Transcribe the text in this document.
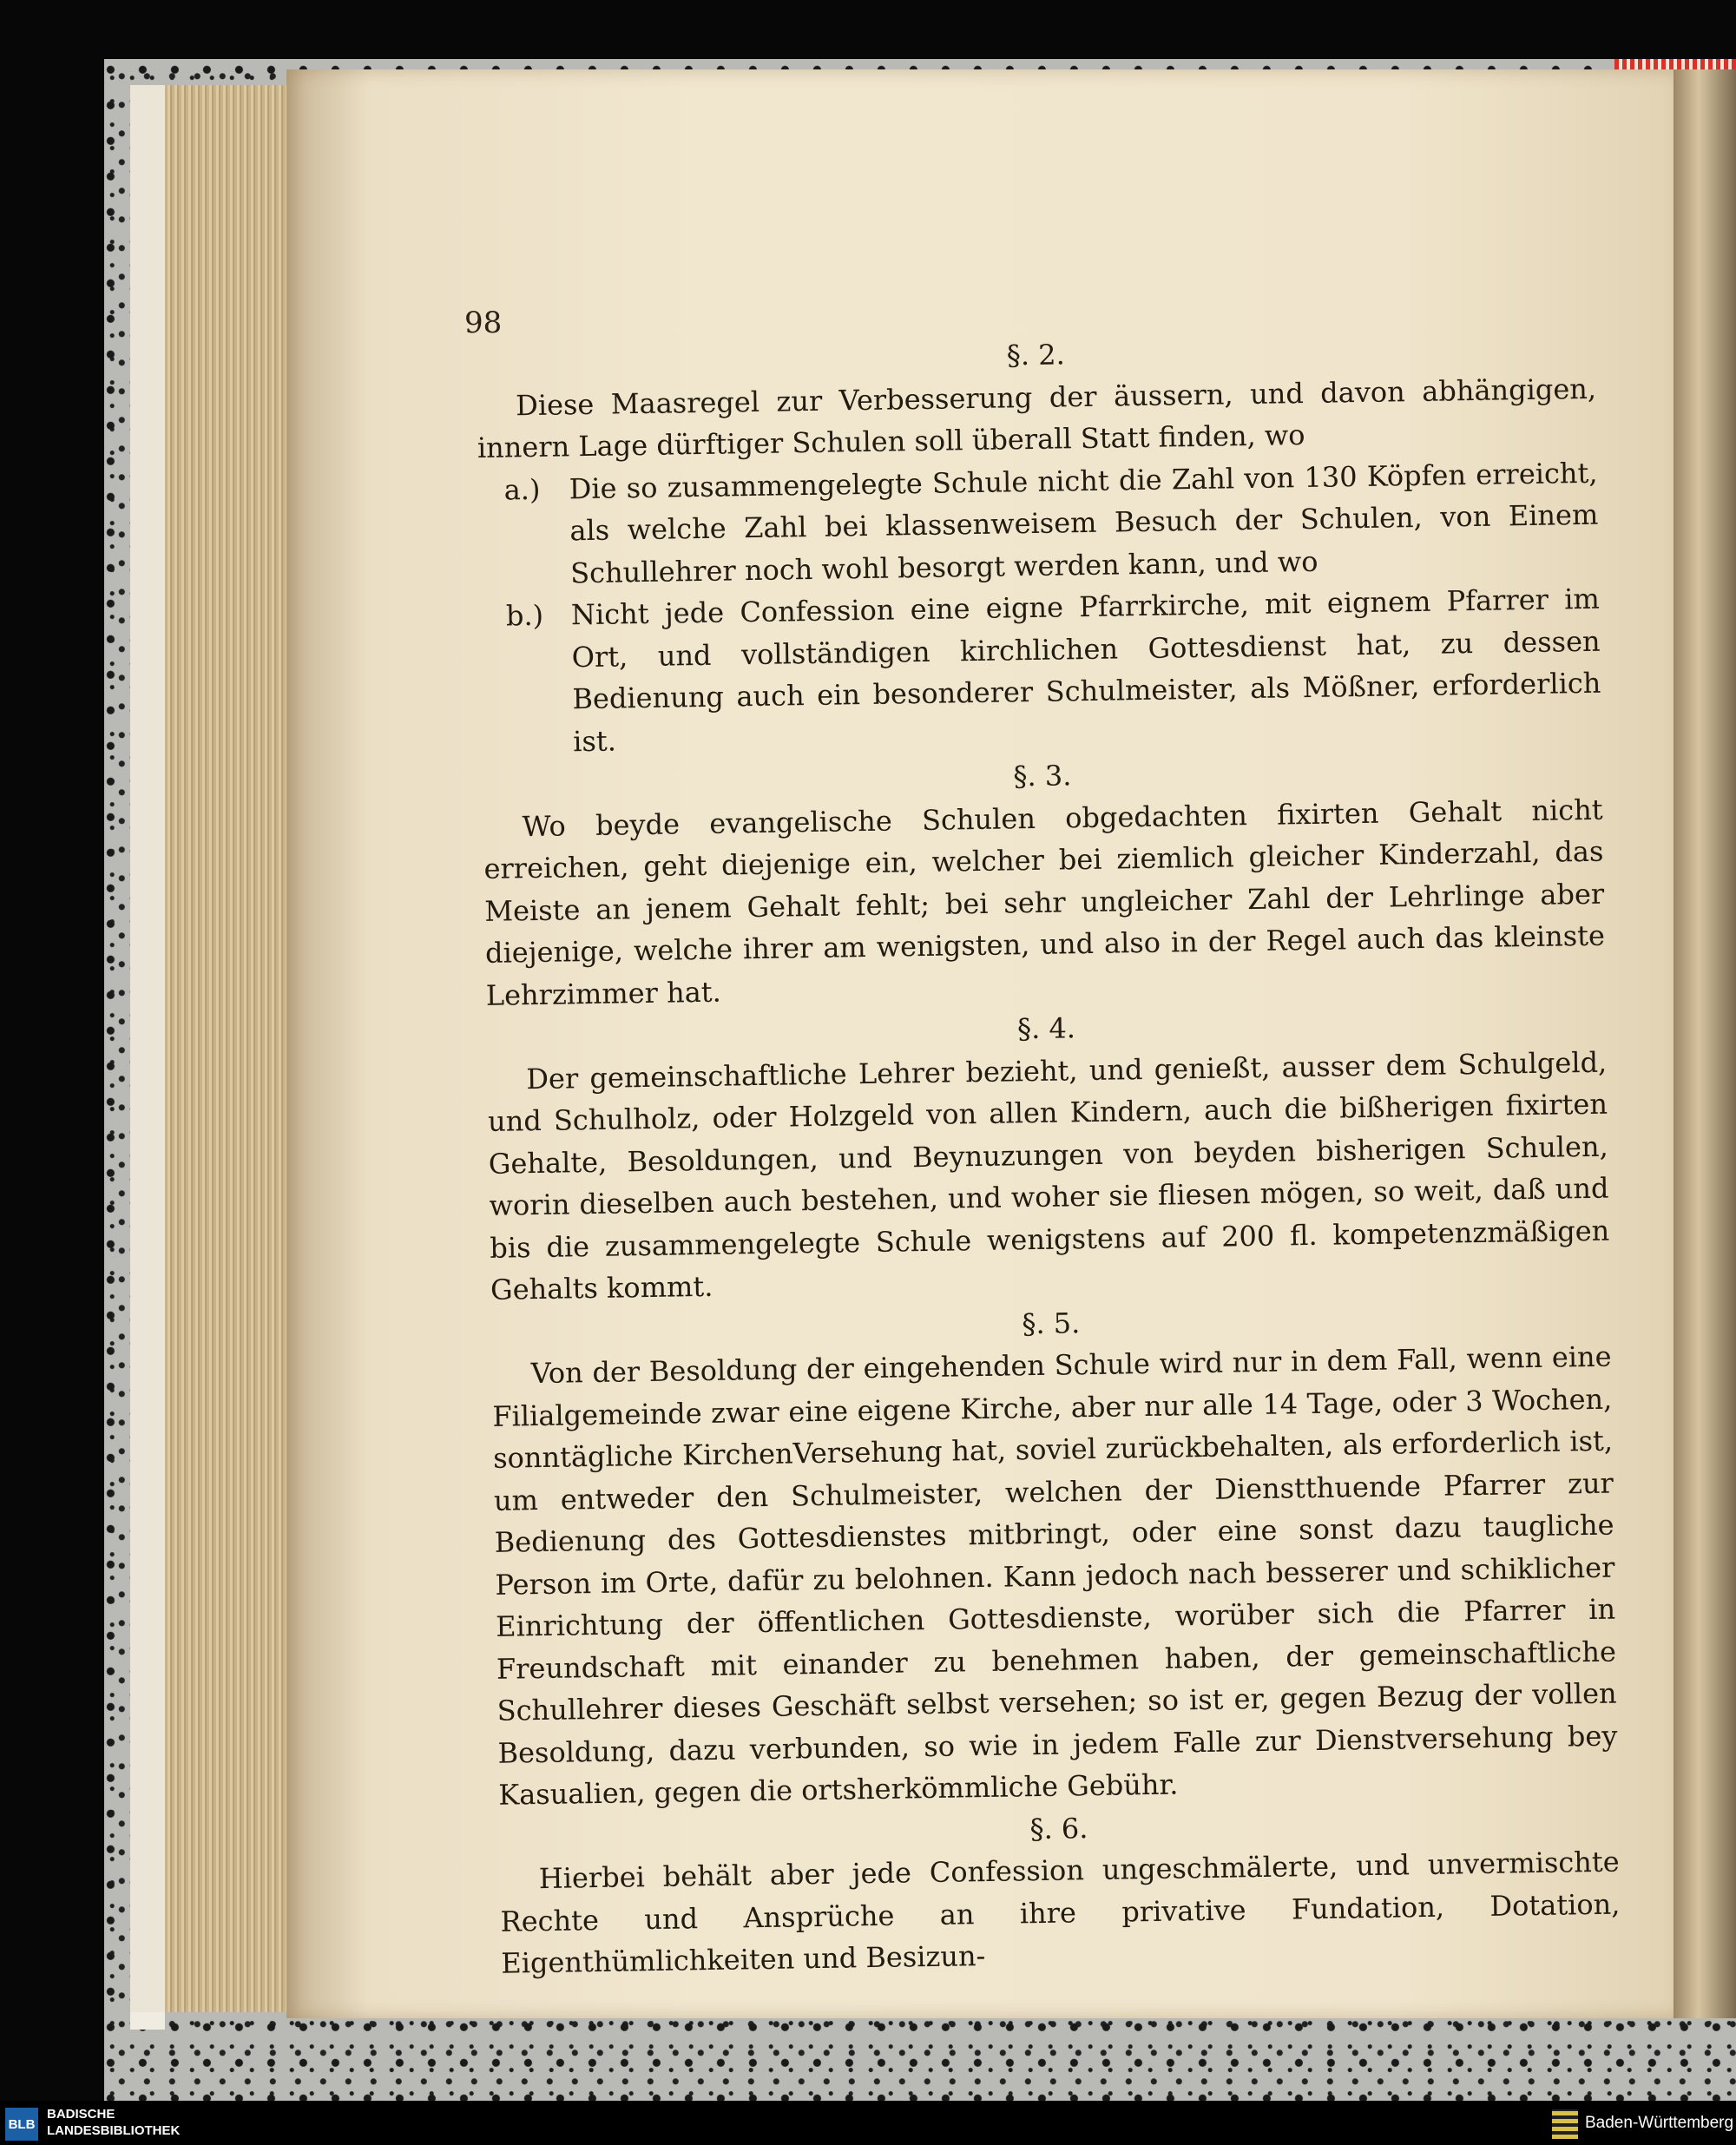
98

§. 2.

Diese Maasregel zur Verbesserung der äussern, und davon abhängigen, innern Lage dürftiger Schulen soll überall Statt finden, wo

a.)	Die so zusammengelegte Schule nicht die Zahl von 130 Köpfen erreicht, als welche Zahl bei klassenweisem Besuch der Schulen, von Einem Schullehrer noch wohl besorgt werden kann, und wo
b.) Nicht jede Confession eine eigne Pfarrkirche, mit eignem Pfarrer im Ort, und vollständigen kirchlichen Gottesdienst hat, zu dessen Bedienung auch ein besonderer Schulmeister, als Mößner, erforderlich ist.

§. 3.

Wo beyde evangelische Schulen obgedachten fixirten Gehalt nicht erreichen, geht diejenige ein, welcher bei ziemlich gleicher Kinderzahl, das Meiste an jenem Gehalt fehlt; bei sehr ungleicher Zahl der Lehrlinge aber diejenige, welche ihrer am wenigsten, und also in der Regel auch das kleinste Lehrzimmer hat.

§. 4.

Der gemeinschaftliche Lehrer bezieht, und genießt, ausser dem Schulgeld, und Schulholz, oder Holzgeld von allen Kindern, auch die bißherigen fixirten Gehalte, Besoldungen, und Beynuzungen von beyden bisherigen Schulen, worin dieselben auch bestehen, und woher sie fliesen mögen, so weit, daß und bis die zusammengelegte Schule wenigstens auf 200 fl. kompetenzmäßigen Gehalts kommt.

§. 5.

Von der Besoldung der eingehenden Schule wird nur in dem Fall, wenn eine Filialgemeinde zwar eine eigene Kirche, aber nur alle 14 Tage, oder 3 Wochen, sonntägliche KirchenVersehung hat, soviel zurückbehalten, als erforderlich ist, um entweder den Schulmeister, welchen der Dienstthuende Pfarrer zur Bedienung des Gottesdienstes mitbringt, oder eine sonst dazu taugliche Person im Orte, dafür zu belohnen. Kann jedoch nach besserer und schiklicher Einrichtung der öffentlichen Gottesdienste, worüber sich die Pfarrer in Freundschaft mit einander zu benehmen haben, der gemeinschaftliche Schullehrer dieses Geschäft selbst versehen; so ist er, gegen Bezug der vollen Besoldung, dazu verbunden, so wie in jedem Falle zur Dienstversehung bey Kasualien, gegen die ortsherkömmliche Gebühr.

§. 6.

Hierbei behält aber jede Confession ungeschmälerte, und unvermischte Rechte und Ansprüche an ihre privative Fundation, Dotation, Eigenthümlichkeiten und Besizun-

BLB
BADISCHE
LANDESBIBLIOTHEK	Baden-Württemberg
